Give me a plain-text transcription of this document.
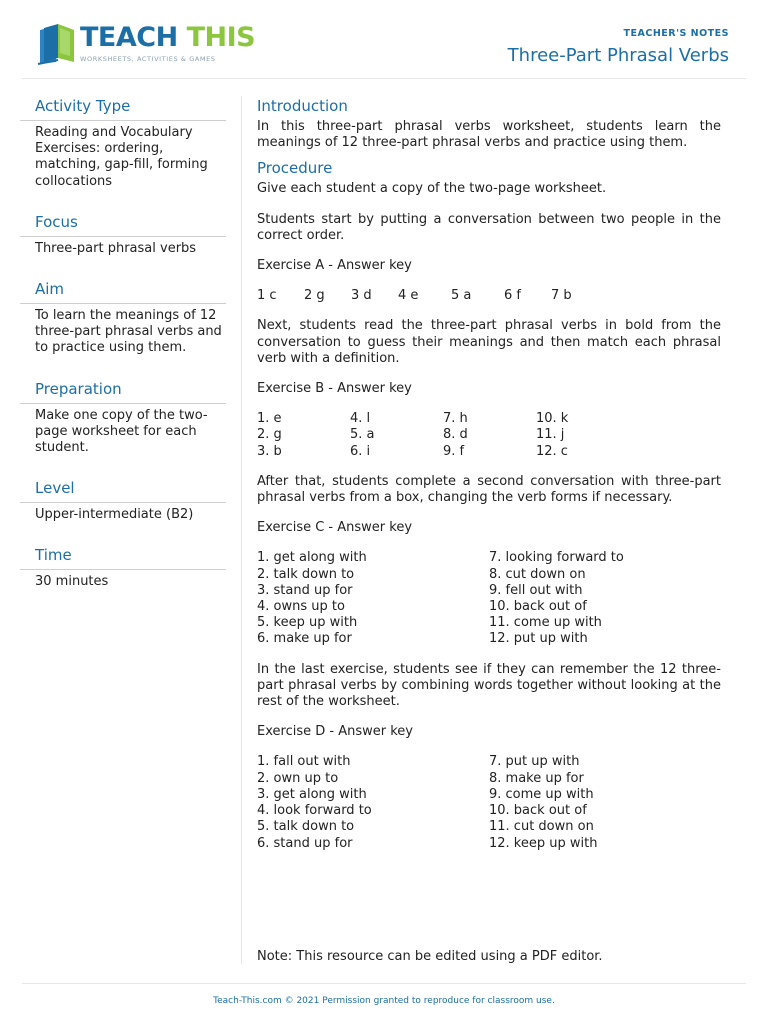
TEACH THIS
WORKSHEETS, ACTIVITIES & GAMES
TEACHER'S NOTES
Three-Part Phrasal Verbs
Activity Type
Reading and Vocabulary Exercises: ordering, matching, gap-fill, forming collocations
Focus
Three-part phrasal verbs
Aim
To learn the meanings of 12 three-part phrasal verbs and to practice using them.
Preparation
Make one copy of the two-page worksheet for each student.
Level
Upper-intermediate (B2)
Time
30 minutes
Introduction

In this three-part phrasal verbs worksheet, students learn the meanings of 12 three-part phrasal verbs and practice using them.

Procedure

Give each student a copy of the two-page worksheet.

Students start by putting a conversation between two people in the correct order.

Exercise A - Answer key

1 c	2 g	3 d	4 e	5 a	6 f	7 b

Next, students read the three-part phrasal verbs in bold from the conversation to guess their meanings and then match each phrasal verb with a definition.

Exercise B - Answer key

1. e	4. l	7. h	10. k
2. g	5. a	8. d	11. j
3. b	6. i	9. f	12. c

After that, students complete a second conversation with three-part phrasal verbs from a box, changing the verb forms if necessary.

Exercise C - Answer key

1. get along with	7. looking forward to
2. talk down to	8. cut down on
3. stand up for	9. fell out with
4. owns up to	10. back out of
5. keep up with	11. come up with
6. make up for	12. put up with

In the last exercise, students see if they can remember the 12 three-part phrasal verbs by combining words together without looking at the rest of the worksheet.

Exercise D - Answer key

1. fall out with	7. put up with
2. own up to	8. make up for
3. get along with	9. come up with
4. look forward to	10. back out of
5. talk down to	11. cut down on
6. stand up for	12. keep up with
Note: This resource can be edited using a PDF editor.
Teach-This.com © 2021 Permission granted to reproduce for classroom use.
